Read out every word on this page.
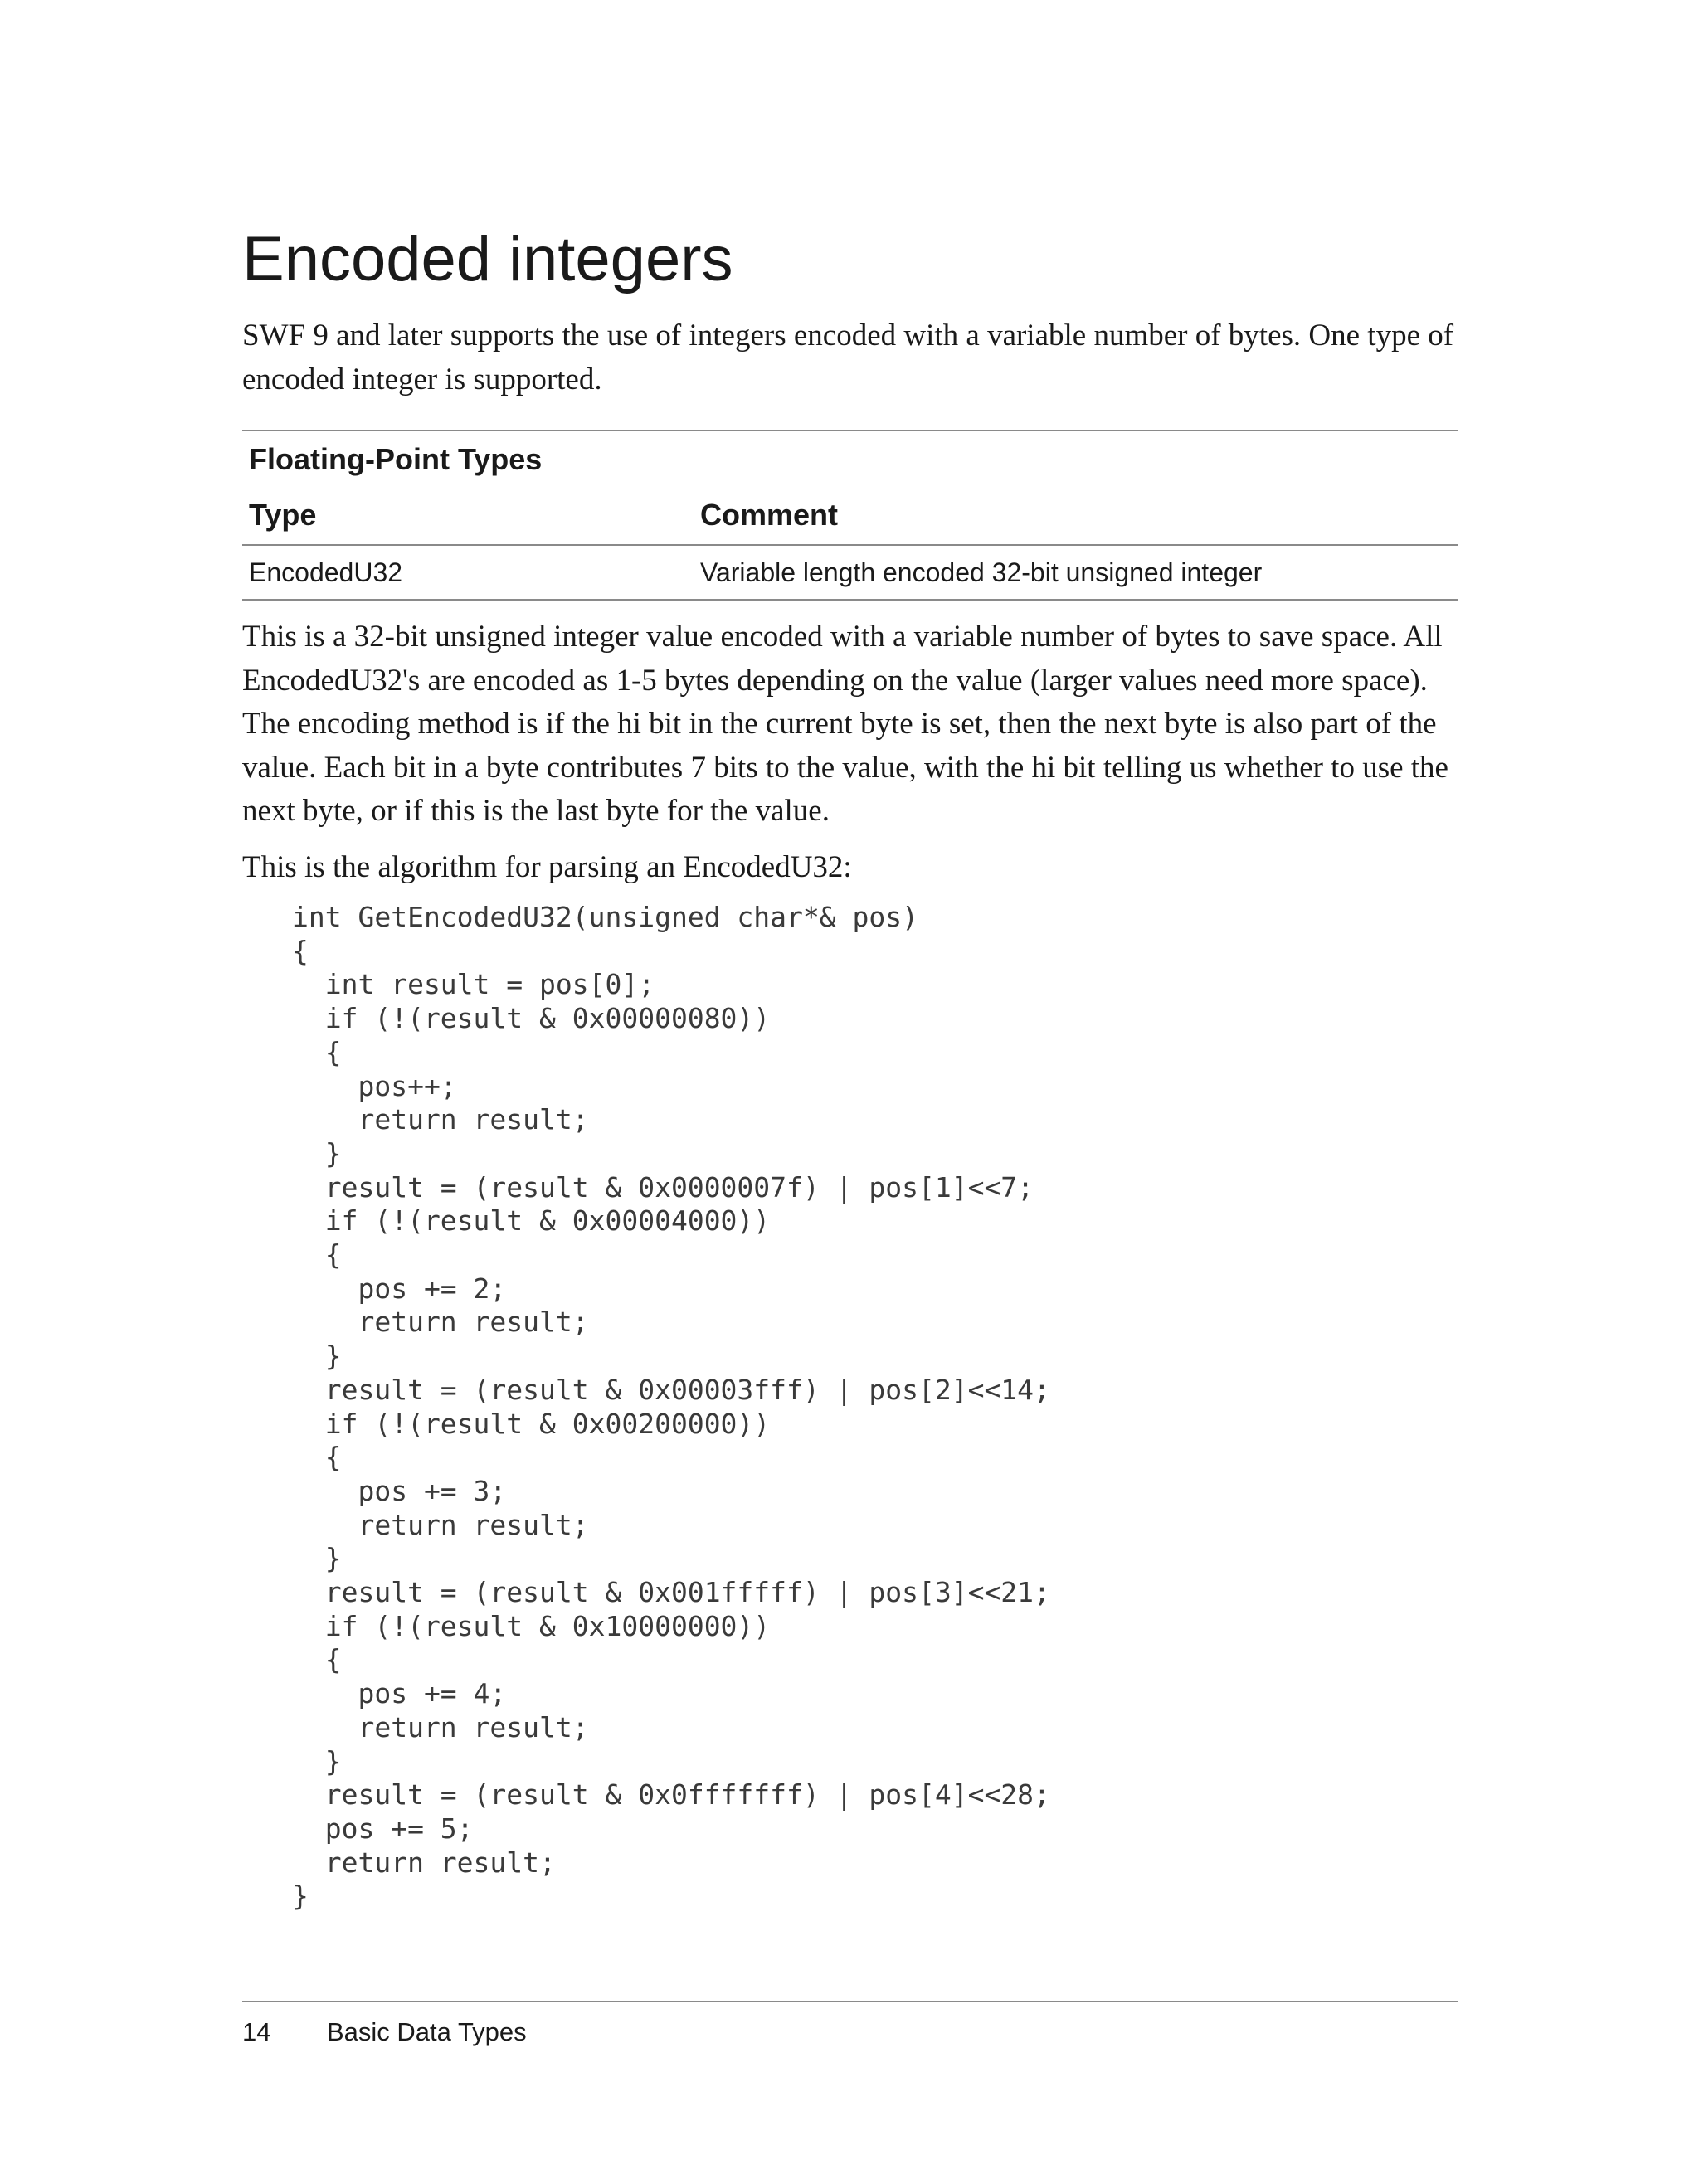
Encoded integers

SWF 9 and later supports the use of integers encoded with a variable number of bytes. One type of encoded integer is supported.

Floating-Point Types
Type	Comment
EncodedU32	Variable length encoded 32-bit unsigned integer

This is a 32-bit unsigned integer value encoded with a variable number of bytes to save space. All EncodedU32's are encoded as 1-5 bytes depending on the value (larger values need more space). The encoding method is if the hi bit in the current byte is set, then the next byte is also part of the value. Each bit in a byte contributes 7 bits to the value, with the hi bit telling us whether to use the next byte, or if this is the last byte for the value.

This is the algorithm for parsing an EncodedU32:

int GetEncodedU32(unsigned char*& pos)
{
int result = pos[0];
if (!(result & 0x00000080))
{
pos++;
return result;
}
result = (result & 0x0000007f) | pos[1]<<7;
if (!(result & 0x00004000))
{
pos += 2;
return result;
}
result = (result & 0x00003fff) | pos[2]<<14;
if (!(result & 0x00200000))
{
pos += 3;
return result;
}
result = (result & 0x001fffff) | pos[3]<<21;
if (!(result & 0x10000000))
{
pos += 4;
return result;
}
result = (result & 0x0fffffff) | pos[4]<<28;
pos += 5;
return result;
}
14 Basic Data Types
